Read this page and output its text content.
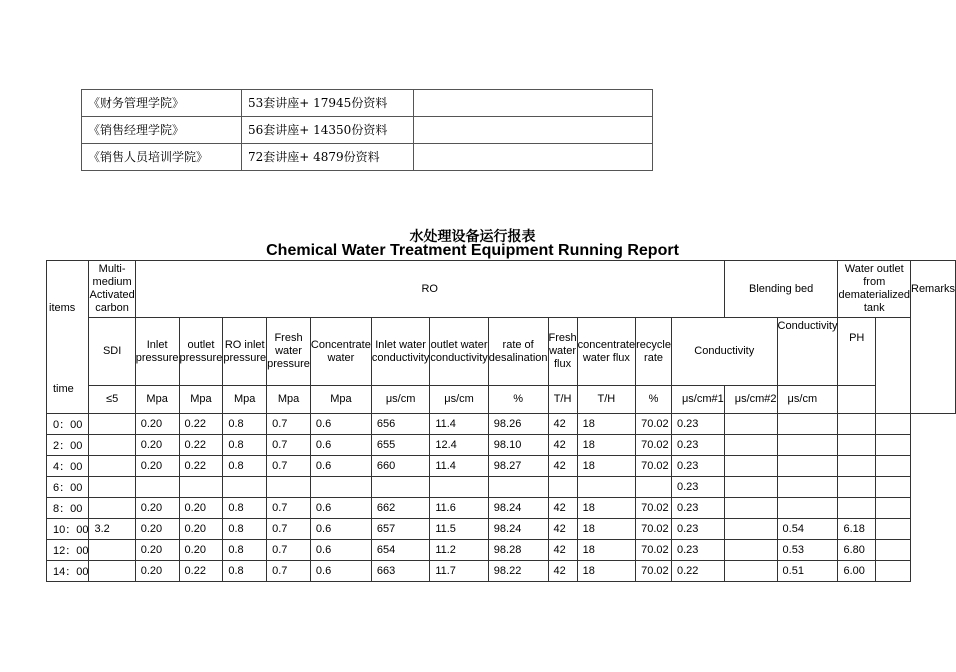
《财务管理学院》	53套讲座+ 17945份资料	
《销售经理学院》	56套讲座+ 14350份资料	
《销售人员培训学院》	72套讲座+ 4879份资料	
水处理设备运行报表
Chemical Water Treatment Equipment Running Report
items
time	Multi-medium Activated carbon	RO												Blending bed		Water outlet from dematerialized tank		Remarks
	SDI	Inlet pressure	outlet pressure	RO inlet pressure	Fresh water pressure	Concentrate water	Inlet water conductivity	outlet water conductivity	rate of desalination	Fresh water flux	concentrate water flux	recycle rate	Conductivity		Conductivity	PH		
	≤5	Mpa	Mpa	Mpa	Mpa	Mpa	μs/cm	μs/cm	%	T/H	T/H	%	μs/cm#1	μs/cm#2	μs/cm			
0：00		0.20	0.22	0.8	0.7	0.6	656	11.4	98.26	42	18	70.02	0.23					
2：00		0.20	0.22	0.8	0.7	0.6	655	12.4	98.10	42	18	70.02	0.23					
4：00		0.20	0.22	0.8	0.7	0.6	660	11.4	98.27	42	18	70.02	0.23					
6：00													0.23					
8：00		0.20	0.20	0.8	0.7	0.6	662	11.6	98.24	42	18	70.02	0.23					
10：00	3.2	0.20	0.20	0.8	0.7	0.6	657	11.5	98.24	42	18	70.02	0.23		0.54	6.18		
12：00		0.20	0.20	0.8	0.7	0.6	654	11.2	98.28	42	18	70.02	0.23		0.53	6.80		
14：00		0.20	0.22	0.8	0.7	0.6	663	11.7	98.22	42	18	70.02	0.22		0.51	6.00		
